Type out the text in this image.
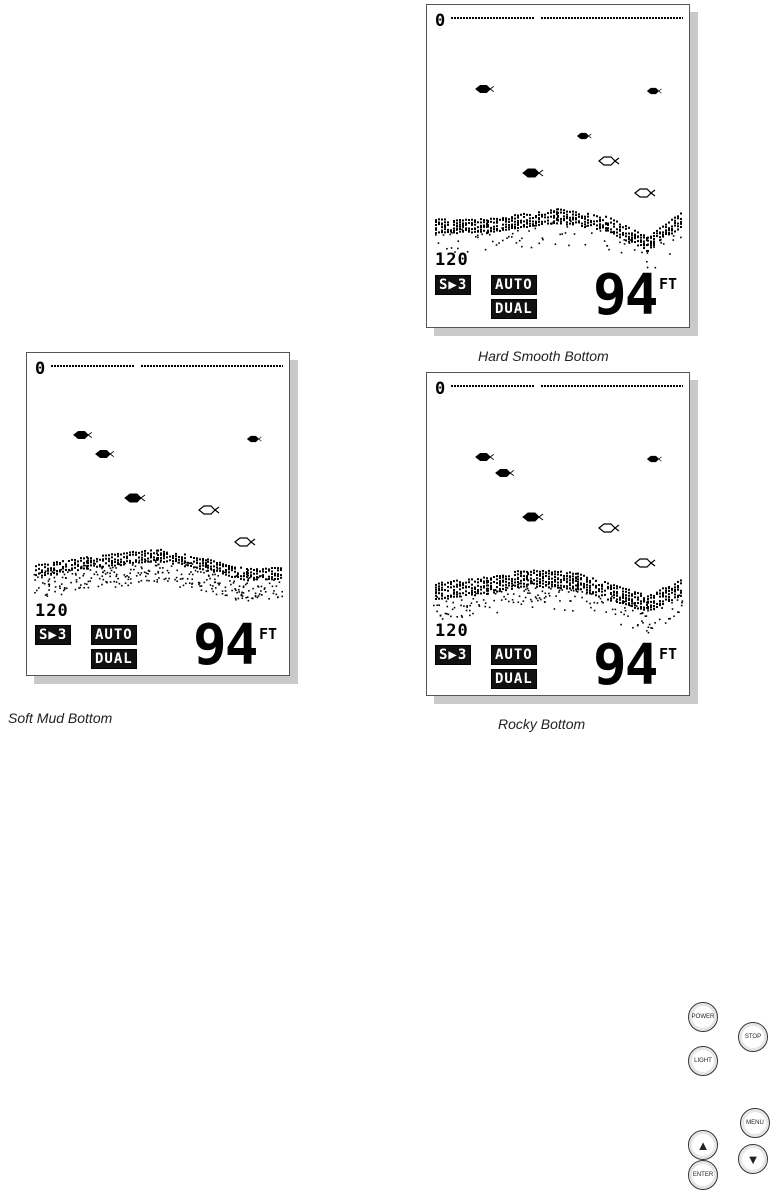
0
120
S▶3 AUTO
DUAL 94 FT
Hard Smooth Bottom
0
120
S▶3 AUTO
DUAL 94 FT
Soft Mud Bottom
0
120
S▶3 AUTO
DUAL 94 FT
Rocky Bottom
POWER
STOP
LIGHT
MENU
▲
▼
ENTER
